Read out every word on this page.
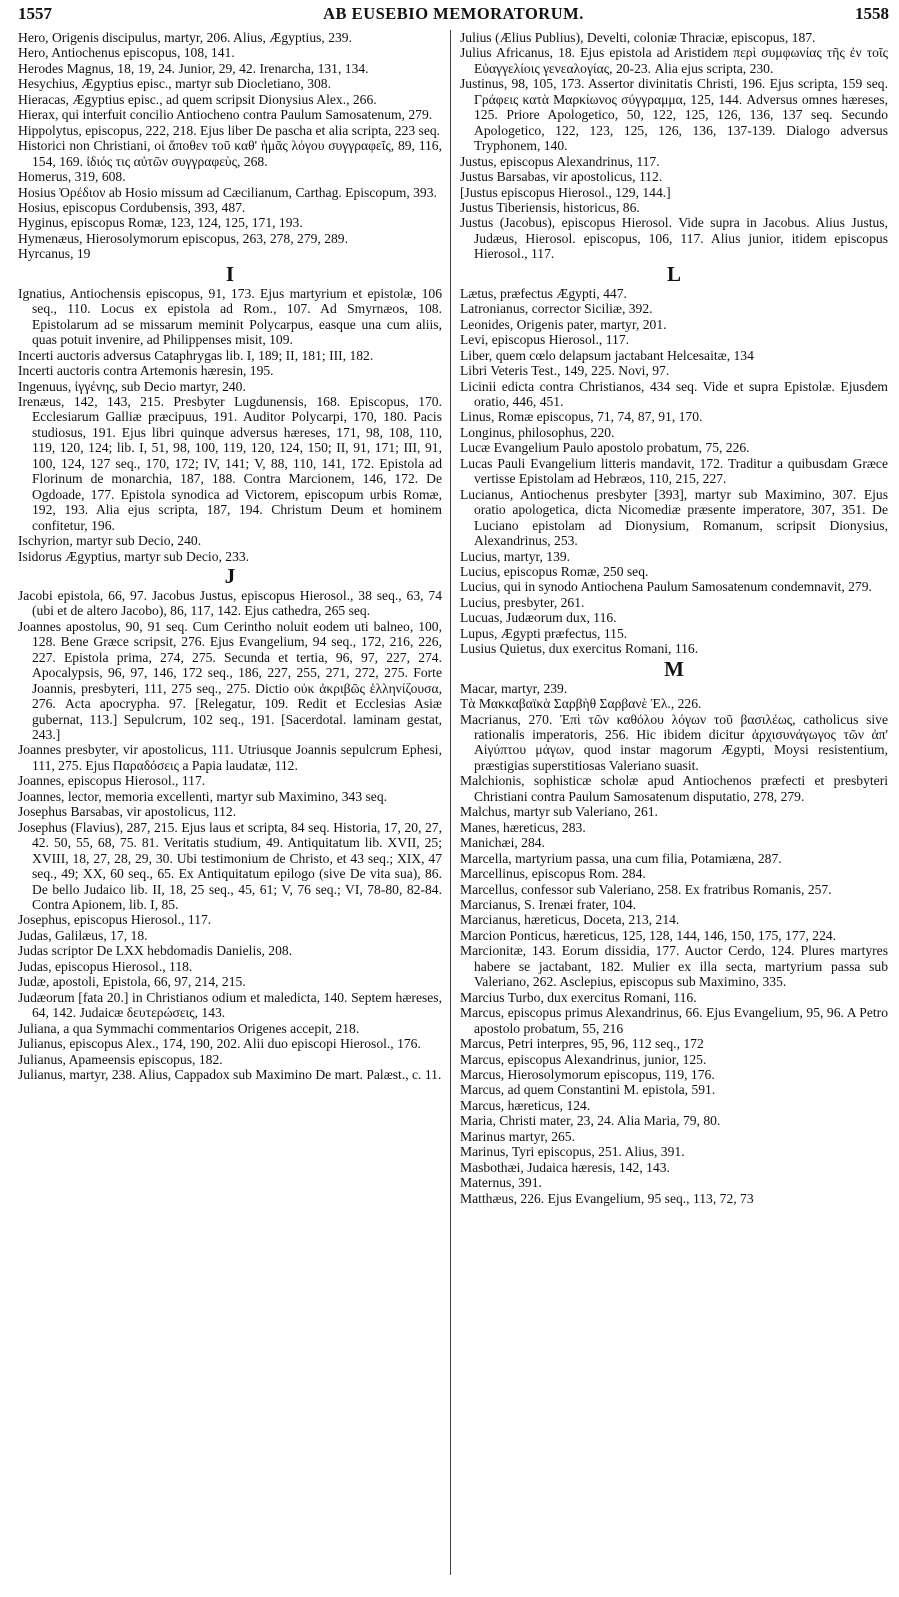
1557	AB EUSEBIO MEMORATORUM.	1558

Hero, Origenis discipulus, martyr, 206. Alius, Ægyptius, 239.

Hero, Antiochenus episcopus, 108, 141.

Herodes Magnus, 18, 19, 24. Junior, 29, 42. Irenarcha, 131, 134.

Hesychius, Ægyptius episc., martyr sub Diocletiano, 308.

Hieracas, Ægyptius episc., ad quem scripsit Dionysius Alex., 266.

Hierax, qui interfuit concilio Antiocheno contra Paulum Samosatenum, 279.

Hippolytus, episcopus, 222, 218. Ejus liber De pascha et alia scripta, 223 seq.

Historici non Christiani, οἱ ἄποθεν τοῦ καθ' ἡμᾶς λόγου συγγραφεῖς, 89, 116, 154, 169. ἰδιός τις αὐτῶν συγγραφεὺς, 268.

Homerus, 319, 608.

Hosius Ὀρέδιον ab Hosio missum ad Cæcilianum, Carthag. Episcopum, 393.

Hosius, episcopus Cordubensis, 393, 487.

Hyginus, episcopus Romæ, 123, 124, 125, 171, 193.

Hymenæus, Hierosolymorum episcopus, 263, 278, 279, 289.

Hyrcanus, 19

I

Ignatius, Antiochensis episcopus, 91, 173. Ejus martyrium et epistolæ, 106 seq., 110. Locus ex epistola ad Rom., 107. Ad Smyrnæos, 108. Epistolarum ad se missarum meminit Polycarpus, easque una cum aliis, quas potuit invenire, ad Philippenses misit, 109.

Incerti auctoris adversus Cataphrygas lib. I, 189; II, 181; III, 182.

Incerti auctoris contra Artemonis hæresin, 195.

Ingenuus, ἰγγένης, sub Decio martyr, 240.

Irenæus, 142, 143, 215. Presbyter Lugdunensis, 168. Episcopus, 170. Ecclesiarum Galliæ præcipuus, 191. Auditor Polycarpi, 170, 180. Pacis studiosus, 191. Ejus libri quinque adversus hæreses, 171, 98, 108, 110, 119, 120, 124; lib. I, 51, 98, 100, 119, 120, 124, 150; II, 91, 171; III, 91, 100, 124, 127 seq., 170, 172; IV, 141; V, 88, 110, 141, 172. Epistola ad Florinum de monarchia, 187, 188. Contra Marcionem, 146, 172. De Ogdoade, 177. Epistola synodica ad Victorem, episcopum urbis Romæ, 192, 193. Alia ejus scripta, 187, 194. Christum Deum et hominem confitetur, 196.

Ischyrion, martyr sub Decio, 240.

Isidorus Ægyptius, martyr sub Decio, 233.

J

Jacobi epistola, 66, 97. Jacobus Justus, episcopus Hierosol., 38 seq., 63, 74 (ubi et de altero Jacobo), 86, 117, 142. Ejus cathedra, 265 seq.

Joannes apostolus, 90, 91 seq. Cum Cerintho noluit eodem uti balneo, 100, 128. Bene Græce scripsit, 276. Ejus Evangelium, 94 seq., 172, 216, 226, 227. Epistola prima, 274, 275. Secunda et tertia, 96, 97, 227, 274. Apocalypsis, 96, 97, 146, 172 seq., 186, 227, 255, 271, 272, 275. Forte Joannis, presbyteri, 111, 275 seq., 275. Dictio οὐκ ἀκριβῶς ἑλληνίζουσα, 276. Acta apocrypha. 97. [Relegatur, 109. Redit et Ecclesias Asiæ gubernat, 113.] Sepulcrum, 102 seq., 191. [Sacerdotal. laminam gestat, 243.]

Joannes presbyter, vir apostolicus, 111. Utriusque Joannis sepulcrum Ephesi, 111, 275. Ejus Παραδόσεις a Papia laudatæ, 112.

Joannes, episcopus Hierosol., 117.

Joannes, lector, memoria excellenti, martyr sub Maximino, 343 seq.

Josephus Barsabas, vir apostolicus, 112.

Josephus (Flavius), 287, 215. Ejus laus et scripta, 84 seq. Historia, 17, 20, 27, 42. 50, 55, 68, 75. 81. Veritatis studium, 49. Antiquitatum lib. XVII, 25; XVIII, 18, 27, 28, 29, 30. Ubi testimonium de Christo, et 43 seq.; XIX, 47 seq., 49; XX, 60 seq., 65. Ex Antiquitatum epilogo (sive De vita sua), 86. De bello Judaico lib. II, 18, 25 seq., 45, 61; V, 76 seq.; VI, 78-80, 82-84. Contra Apionem, lib. I, 85.

Josephus, episcopus Hierosol., 117.

Judas, Galilæus, 17, 18.

Judas scriptor De LXX hebdomadis Danielis, 208.

Judas, episcopus Hierosol., 118.

Judæ, apostoli, Epistola, 66, 97, 214, 215.

Judæorum [fata 20.] in Christianos odium et maledicta, 140. Septem hæreses, 64, 142. Judaicæ δευτερώσεις, 143.

Juliana, a qua Symmachi commentarios Origenes accepit, 218.

Julianus, episcopus Alex., 174, 190, 202. Alii duo episcopi Hierosol., 176.

Julianus, Apameensis episcopus, 182.

Julianus, martyr, 238. Alius, Cappadox sub Maximino De mart. Palæst., c. 11.

Julius (Ælius Publius), Develti, coloniæ Thraciæ, episcopus, 187.

Julius Africanus, 18. Ejus epistola ad Aristidem περὶ συμφωνίας τῆς ἐν τοῖς Εὐαγγελίοις γενεαλογίας, 20-23. Alia ejus scripta, 230.

Justinus, 98, 105, 173. Assertor divinitatis Christi, 196. Ejus scripta, 159 seq. Γράφεις κατὰ Μαρκίωνος σύγγραμμα, 125, 144. Adversus omnes hæreses, 125. Priore Apologetico, 50, 122, 125, 126, 136, 137 seq. Secundo Apologetico, 122, 123, 125, 126, 136, 137-139. Dialogo adversus Tryphonem, 140.

Justus, episcopus Alexandrinus, 117.

Justus Barsabas, vir apostolicus, 112.

[Justus episcopus Hierosol., 129, 144.]

Justus Tiberiensis, historicus, 86.

Justus (Jacobus), episcopus Hierosol. Vide supra in Jacobus. Alius Justus, Judæus, Hierosol. episcopus, 106, 117. Alius junior, itidem episcopus Hierosol., 117.

L

Lætus, præfectus Ægypti, 447.

Latronianus, corrector Siciliæ, 392.

Leonides, Origenis pater, martyr, 201.

Levi, episcopus Hierosol., 117.

Liber, quem cœlo delapsum jactabant Helcesaitæ, 134

Libri Veteris Test., 149, 225. Novi, 97.

Licinii edicta contra Christianos, 434 seq. Vide et supra Epistolæ. Ejusdem oratio, 446, 451.

Linus, Romæ episcopus, 71, 74, 87, 91, 170.

Longinus, philosophus, 220.

Lucæ Evangelium Paulo apostolo probatum, 75, 226.

Lucas Pauli Evangelium litteris mandavit, 172. Traditur a quibusdam Græce vertisse Epistolam ad Hebræos, 110, 215, 227.

Lucianus, Antiochenus presbyter [393], martyr sub Maximino, 307. Ejus oratio apologetica, dicta Nicomediæ præsente imperatore, 307, 351. De Luciano epistolam ad Dionysium, Romanum, scripsit Dionysius, Alexandrinus, 253.

Lucius, martyr, 139.

Lucius, episcopus Romæ, 250 seq.

Lucius, qui in synodo Antiochena Paulum Samosatenum condemnavit, 279.

Lucius, presbyter, 261.

Lucuas, Judæorum dux, 116.

Lupus, Ægypti præfectus, 115.

Lusius Quietus, dux exercitus Romani, 116.

M

Macar, martyr, 239.

Τὰ Μακκαβαϊκὰ Σαρβὴθ Σαρβανὲ Ἐλ., 226.

Macrianus, 270. Ἐπὶ τῶν καθόλου λόγων τοῦ βασιλέως, catholicus sive rationalis imperatoris, 256. Hic ibidem dicitur ἀρχισυνάγωγος τῶν ἀπ' Αἰγύπτου μάγων, quod instar magorum Ægypti, Moysi resistentium, præstigias superstitiosas Valeriano suasit.

Malchionis, sophisticæ scholæ apud Antiochenos præfecti et presbyteri Christiani contra Paulum Samosatenum disputatio, 278, 279.

Malchus, martyr sub Valeriano, 261.

Manes, hæreticus, 283.

Manichæi, 284.

Marcella, martyrium passa, una cum filia, Potamiæna, 287.

Marcellinus, episcopus Rom. 284.

Marcellus, confessor sub Valeriano, 258. Ex fratribus Romanis, 257.

Marcianus, S. Irenæi frater, 104.

Marcianus, hæreticus, Doceta, 213, 214.

Marcion Ponticus, hæreticus, 125, 128, 144, 146, 150, 175, 177, 224.

Marcionitæ, 143. Eorum dissidia, 177. Auctor Cerdo, 124. Plures martyres habere se jactabant, 182. Mulier ex illa secta, martyrium passa sub Valeriano, 262. Asclepius, episcopus sub Maximino, 335.

Marcius Turbo, dux exercitus Romani, 116.

Marcus, episcopus primus Alexandrinus, 66. Ejus Evangelium, 95, 96. A Petro apostolo probatum, 55, 216

Marcus, Petri interpres, 95, 96, 112 seq., 172

Marcus, episcopus Alexandrinus, junior, 125.

Marcus, Hierosolymorum episcopus, 119, 176.

Marcus, ad quem Constantini M. epistola, 591.

Marcus, hæreticus, 124.

Maria, Christi mater, 23, 24. Alia Maria, 79, 80.

Marinus martyr, 265.

Marinus, Tyri episcopus, 251. Alius, 391.

Masbothæi, Judaica hæresis, 142, 143.

Maternus, 391.

Matthæus, 226. Ejus Evangelium, 95 seq., 113, 72, 73
